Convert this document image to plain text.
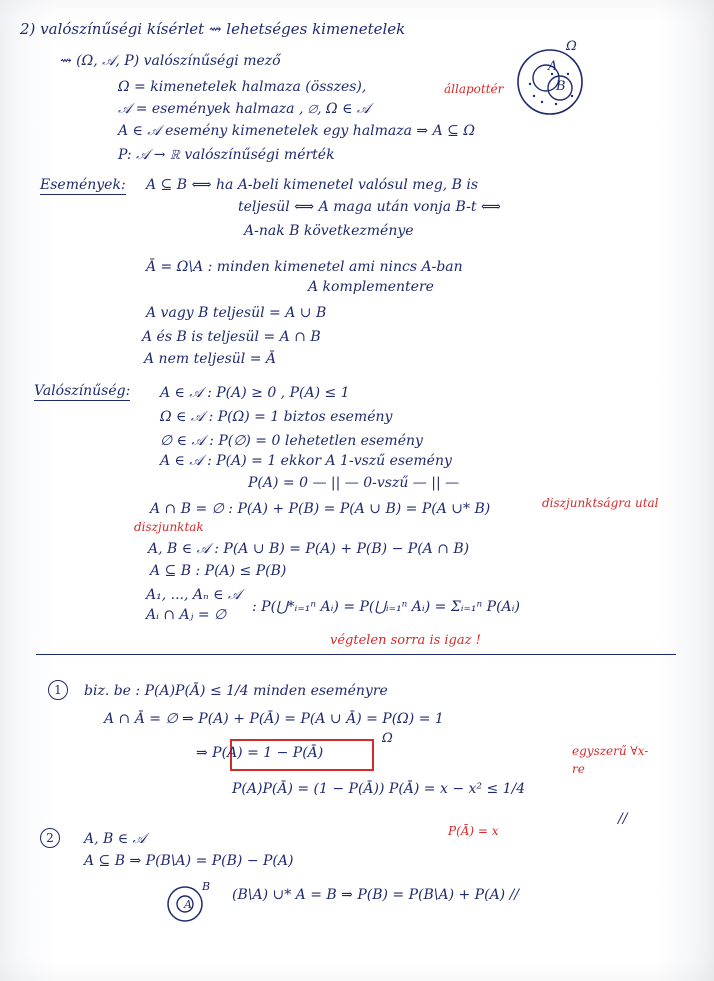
2) valószínűségi kísérlet ⇝ lehetséges kimenetelek
Ω
A
B
⇝ (Ω, 𝒜, P) valószínűségi mező
Ω = kimenetelek halmaza (összes),	állapottér
𝒜 = események halmaza , ∅, Ω ∈ 𝒜
A ∈ 𝒜 esemény kimenetelek egy halmaza ⇒ A ⊆ Ω
P: 𝒜 → ℝ valószínűségi mérték
Események: A ⊆ B ⟺ ha A-beli kimenetel valósul meg, B is
teljesül ⟺ A maga után vonja B-t ⟺
A-nak B következménye
Ā = Ω\A : minden kimenetel ami nincs A-ban
A komplementere
A vagy B teljesül = A ∪ B
A és B is teljesül = A ∩ B
A nem teljesül = Ā
Valószínűség: A ∈ 𝒜 : P(A) ≥ 0 , P(A) ≤ 1
Ω ∈ 𝒜 : P(Ω) = 1 biztos esemény
∅ ∈ 𝒜 : P(∅) = 0 lehetetlen esemény
A ∈ 𝒜 : P(A) = 1 ekkor A 1-vszű esemény
P(A) = 0 — || — 0-vszű — || —
A ∩ B = ∅ : P(A) + P(B) = P(A ∪ B) = P(A ∪* B)	diszjunktságra utal
diszjunktak
A, B ∈ 𝒜 : P(A ∪ B) = P(A) + P(B) − P(A ∩ B)
A ⊆ B : P(A) ≤ P(B)
A₁, ..., Aₙ ∈ 𝒜
Aᵢ ∩ Aⱼ = ∅ : P(⋃*ᵢ₌₁ⁿ Aᵢ) = P(⋃ᵢ₌₁ⁿ Aᵢ) = Σᵢ₌₁ⁿ P(Aᵢ)
végtelen sorra is igaz !
1	biz. be : P(A)P(Ā) ≤ 1/4 minden eseményre
A ∩ Ā = ∅ ⇒ P(A) + P(Ā) = P(A ∪ Ā) = P(Ω) = 1
Ω
⇒ P(A) = 1 − P(Ā)	egyszerű ∀x-re
P(A)P(Ā) = (1 − P(Ā)) P(Ā) = x − x² ≤ 1/4
P(Ā) = x
//
2	A, B ∈ 𝒜
A ⊆ B ⇒ P(B\A) = P(B) − P(A)
A
B
(B\A) ∪* A = B ⇒ P(B) = P(B\A) + P(A) //
